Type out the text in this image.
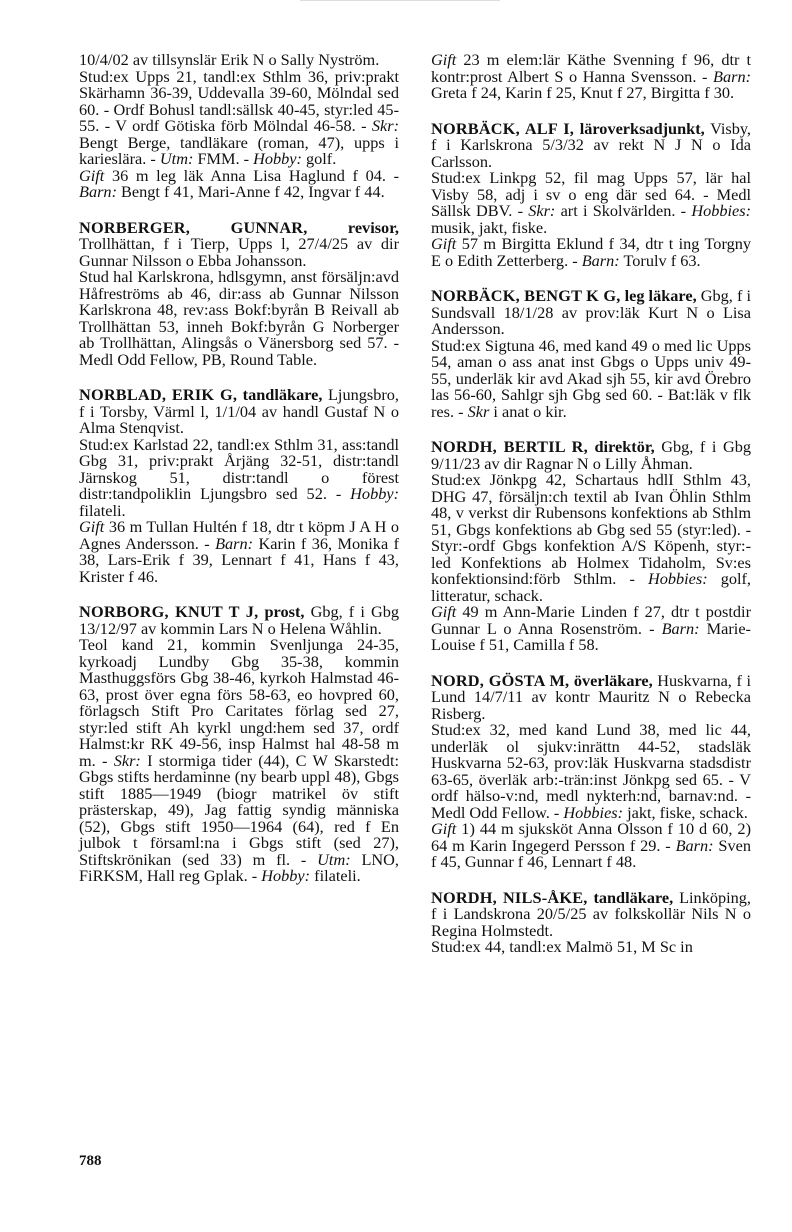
10/4/02 av tillsynslär Erik N o Sally Nyström.

Stud:ex Upps 21, tandl:ex Sthlm 36, priv:prakt Skärhamn 36-39, Uddevalla 39-60, Mölndal sed 60. - Ordf Bohusl tandl:sällsk 40-45, styr:led 45-55. - V ordf Götiska förb Mölndal 46-58. - Skr: Bengt Berge, tandläkare (roman, 47), upps i karieslära. - Utm: FMM. - Hobby: golf.

Gift 36 m leg läk Anna Lisa Haglund f 04. - Barn: Bengt f 41, Mari-Anne f 42, Ingvar f 44.

NORBERGER, GUNNAR, revisor, Trollhättan, f i Tierp, Upps l, 27/4/25 av dir Gunnar Nilsson o Ebba Johansson.

Stud hal Karlskrona, hdlsgymn, anst försäljn:avd Håfreströms ab 46, dir:ass ab Gunnar Nilsson Karlskrona 48, rev:ass Bokf:byrån B Reivall ab Trollhättan 53, inneh Bokf:byrån G Norberger ab Trollhättan, Alingsås o Vänersborg sed 57. - Medl Odd Fellow, PB, Round Table.

NORBLAD, ERIK G, tandläkare, Ljungsbro, f i Torsby, Värml l, 1/1/04 av handl Gustaf N o Alma Stenqvist.

Stud:ex Karlstad 22, tandl:ex Sthlm 31, ass:tandl Gbg 31, priv:prakt Årjäng 32-51, distr:tandl Järnskog 51, distr:tandl o förest distr:tandpoliklin Ljungsbro sed 52. - Hobby: filateli.

Gift 36 m Tullan Hultén f 18, dtr t köpm J A H o Agnes Andersson. - Barn: Karin f 36, Monika f 38, Lars-Erik f 39, Lennart f 41, Hans f 43, Krister f 46.

NORBORG, KNUT T J, prost, Gbg, f i Gbg 13/12/97 av kommin Lars N o Helena Wåhlin.

Teol kand 21, kommin Svenljunga 24-35, kyrkoadj Lundby Gbg 35-38, kommin Masthuggsförs Gbg 38-46, kyrkoh Halmstad 46-63, prost över egna förs 58-63, eo hovpred 60, förlagsch Stift Pro Caritates förlag sed 27, styr:led stift Ah kyrkl ungd:hem sed 37, ordf Halmst:kr RK 49-56, insp Halmst hal 48-58 m m. - Skr: I stormiga tider (44), C W Skarstedt: Gbgs stifts herdaminne (ny bearb uppl 48), Gbgs stift 1885—1949 (biogr matrikel öv stift prästerskap, 49), Jag fattig syndig människa (52), Gbgs stift 1950—1964 (64), red f En julbok t församl:na i Gbgs stift (sed 27), Stiftskrönikan (sed 33) m fl. - Utm: LNO, FiRKSM, Hall reg Gplak. - Hobby: filateli.

Gift 23 m elem:lär Käthe Svenning f 96, dtr t kontr:prost Albert S o Hanna Svensson. - Barn: Greta f 24, Karin f 25, Knut f 27, Birgitta f 30.

NORBÄCK, ALF I, läroverksadjunkt, Visby, f i Karlskrona 5/3/32 av rekt N J N o Ida Carlsson.

Stud:ex Linkpg 52, fil mag Upps 57, lär hal Visby 58, adj i sv o eng där sed 64. - Medl Sällsk DBV. - Skr: art i Skolvärlden. - Hobbies: musik, jakt, fiske.

Gift 57 m Birgitta Eklund f 34, dtr t ing Torgny E o Edith Zetterberg. - Barn: Torulv f 63.

NORBÄCK, BENGT K G, leg läkare, Gbg, f i Sundsvall 18/1/28 av prov:läk Kurt N o Lisa Andersson.

Stud:ex Sigtuna 46, med kand 49 o med lic Upps 54, aman o ass anat inst Gbgs o Upps univ 49-55, underläk kir avd Akad sjh 55, kir avd Örebro las 56-60, Sahlgr sjh Gbg sed 60. - Bat:läk v flk res. - Skr i anat o kir.

NORDH, BERTIL R, direktör, Gbg, f i Gbg 9/11/23 av dir Ragnar N o Lilly Åhman.

Stud:ex Jönkpg 42, Schartaus hdlI Sthlm 43, DHG 47, försäljn:ch textil ab Ivan Öhlin Sthlm 48, v verkst dir Rubensons konfektions ab Sthlm 51, Gbgs konfektions ab Gbg sed 55 (styr:led). - Styr:-ordf Gbgs konfektion A/S Köpenh, styr:-led Konfektions ab Holmex Tidaholm, Sv:es konfektionsind:förb Sthlm. - Hobbies: golf, litteratur, schack.

Gift 49 m Ann-Marie Linden f 27, dtr t postdir Gunnar L o Anna Rosenström. - Barn: Marie-Louise f 51, Camilla f 58.

NORD, GÖSTA M, överläkare, Huskvarna, f i Lund 14/7/11 av kontr Mauritz N o Rebecka Risberg.

Stud:ex 32, med kand Lund 38, med lic 44, underläk ol sjukv:inrättn 44-52, stadsläk Huskvarna 52-63, prov:läk Huskvarna stadsdistr 63-65, överläk arb:-trän:inst Jönkpg sed 65. - V ordf hälso-v:nd, medl nykterh:nd, barnav:nd. - Medl Odd Fellow. - Hobbies: jakt, fiske, schack.

Gift 1) 44 m sjuksköt Anna Olsson f 10 d 60, 2) 64 m Karin Ingegerd Persson f 29. - Barn: Sven f 45, Gunnar f 46, Lennart f 48.

NORDH, NILS-ÅKE, tandläkare, Linköping, f i Landskrona 20/5/25 av folkskollär Nils N o Regina Holmstedt.

Stud:ex 44, tandl:ex Malmö 51, M Sc in

788
